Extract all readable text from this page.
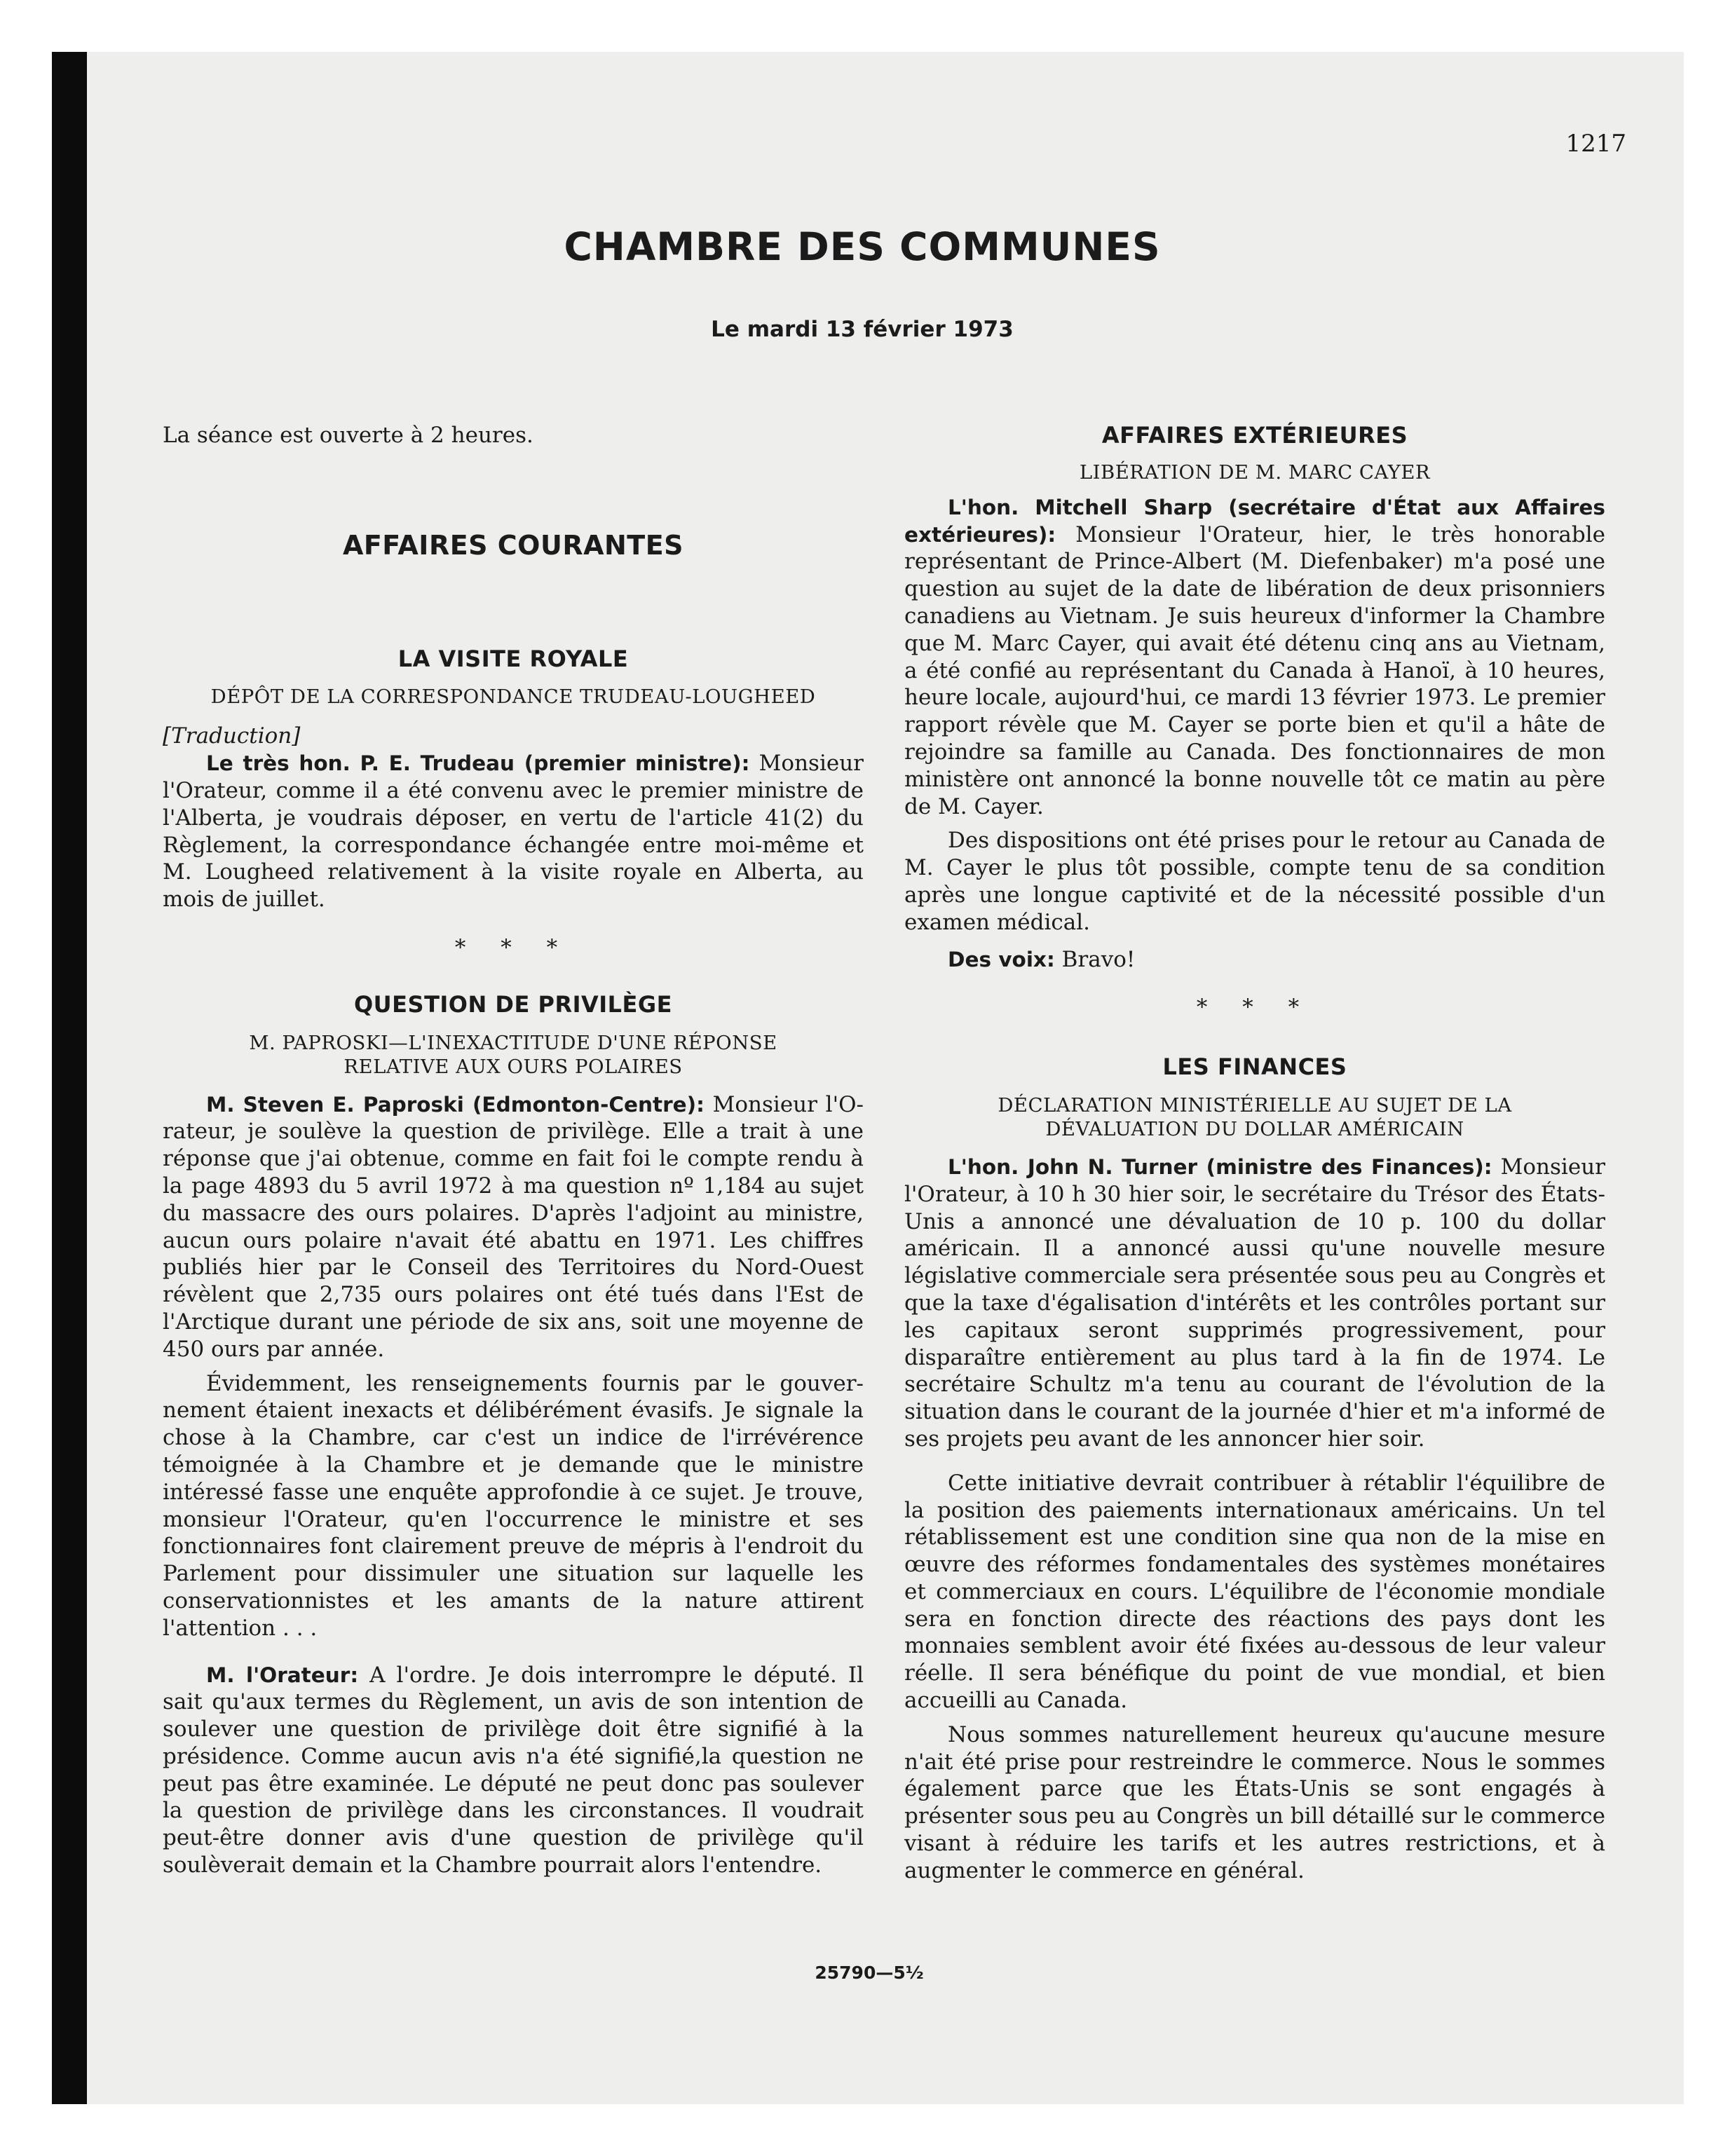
1217
CHAMBRE DES COMMUNES
Le mardi 13 février 1973

La séance est ouverte à 2 heures.

AFFAIRES COURANTES
LA VISITE ROYALE
DÉPÔT DE LA CORRESPONDANCE TRUDEAU-LOUGHEED

[Traduction]

Le très hon. P. E. Trudeau (premier ministre): Monsieur l'Orateur, comme il a été convenu avec le premier ministre de l'Alberta, je voudrais déposer, en vertu de l'article 41(2) du Règlement, la correspondance échangée entre moi-même et M. Lougheed relativement à la visite royale en Alberta, au mois de juillet.

* * *
QUESTION DE PRIVILÈGE
M. PAPROSKI—L'INEXACTITUDE D'UNE RÉPONSE
RELATIVE AUX OURS POLAIRES

M. Steven E. Paproski (Edmonton-Centre): Monsieur l'Orateur, je soulève la question de privilège. Elle a trait à une réponse que j'ai obtenue, comme en fait foi le compte rendu à la page 4893 du 5 avril 1972 à ma question nº 1,184 au sujet du massacre des ours polaires. D'après l'adjoint au ministre, aucun ours polaire n'avait été abattu en 1971. Les chiffres publiés hier par le Conseil des Territoires du Nord-Ouest révèlent que 2,735 ours polaires ont été tués dans l'Est de l'Arctique durant une période de six ans, soit une moyenne de 450 ours par année.

Évidemment, les renseignements fournis par le gouvernement étaient inexacts et délibérément évasifs. Je signale la chose à la Chambre, car c'est un indice de l'irrévérence témoignée à la Chambre et je demande que le ministre intéressé fasse une enquête approfondie à ce sujet. Je trouve, monsieur l'Orateur, qu'en l'occurrence le ministre et ses fonctionnaires font clairement preuve de mépris à l'endroit du Parlement pour dissimuler une situation sur laquelle les conservationnistes et les amants de la nature attirent l'attention . . .

M. l'Orateur: A l'ordre. Je dois interrompre le député. Il sait qu'aux termes du Règlement, un avis de son intention de soulever une question de privilège doit être signifié à la présidence. Comme aucun avis n'a été signifié,la question ne peut pas être examinée. Le député ne peut donc pas soulever la question de privilège dans les circonstances. Il voudrait peut-être donner avis d'une question de privilège qu'il soulèverait demain et la Chambre pourrait alors l'entendre.

AFFAIRES EXTÉRIEURES
LIBÉRATION DE M. MARC CAYER

L'hon. Mitchell Sharp (secrétaire d'État aux Affaires extérieures): Monsieur l'Orateur, hier, le très honorable représentant de Prince-Albert (M. Diefenbaker) m'a posé une question au sujet de la date de libération de deux prisonniers canadiens au Vietnam. Je suis heureux d'informer la Chambre que M. Marc Cayer, qui avait été détenu cinq ans au Vietnam, a été confié au représentant du Canada à Hanoï, à 10 heures, heure locale, aujourd'hui, ce mardi 13 février 1973. Le premier rapport révèle que M. Cayer se porte bien et qu'il a hâte de rejoindre sa famille au Canada. Des fonctionnaires de mon ministère ont annoncé la bonne nouvelle tôt ce matin au père de M. Cayer.

Des dispositions ont été prises pour le retour au Canada de M. Cayer le plus tôt possible, compte tenu de sa condition après une longue captivité et de la nécessité possible d'un examen médical.

Des voix: Bravo!

* * *
LES FINANCES
DÉCLARATION MINISTÉRIELLE AU SUJET DE LA
DÉVALUATION DU DOLLAR AMÉRICAIN

L'hon. John N. Turner (ministre des Finances): Monsieur l'Orateur, à 10 h 30 hier soir, le secrétaire du Trésor des États-Unis a annoncé une dévaluation de 10 p. 100 du dollar américain. Il a annoncé aussi qu'une nouvelle mesure législative commerciale sera présentée sous peu au Congrès et que la taxe d'égalisation d'intérêts et les contrôles portant sur les capitaux seront supprimés progressivement, pour disparaître entièrement au plus tard à la fin de 1974. Le secrétaire Schultz m'a tenu au courant de l'évolution de la situation dans le courant de la journée d'hier et m'a informé de ses projets peu avant de les annoncer hier soir.

Cette initiative devrait contribuer à rétablir l'équilibre de la position des paiements internationaux américains. Un tel rétablissement est une condition sine qua non de la mise en œuvre des réformes fondamentales des systèmes monétaires et commerciaux en cours. L'équilibre de l'économie mondiale sera en fonction directe des réactions des pays dont les monnaies semblent avoir été fixées au-dessous de leur valeur réelle. Il sera bénéfique du point de vue mondial, et bien accueilli au Canada.

Nous sommes naturellement heureux qu'aucune mesure n'ait été prise pour restreindre le commerce. Nous le sommes également parce que les États-Unis se sont engagés à présenter sous peu au Congrès un bill détaillé sur le commerce visant à réduire les tarifs et les autres restrictions, et à augmenter le commerce en général.

25790—5½
